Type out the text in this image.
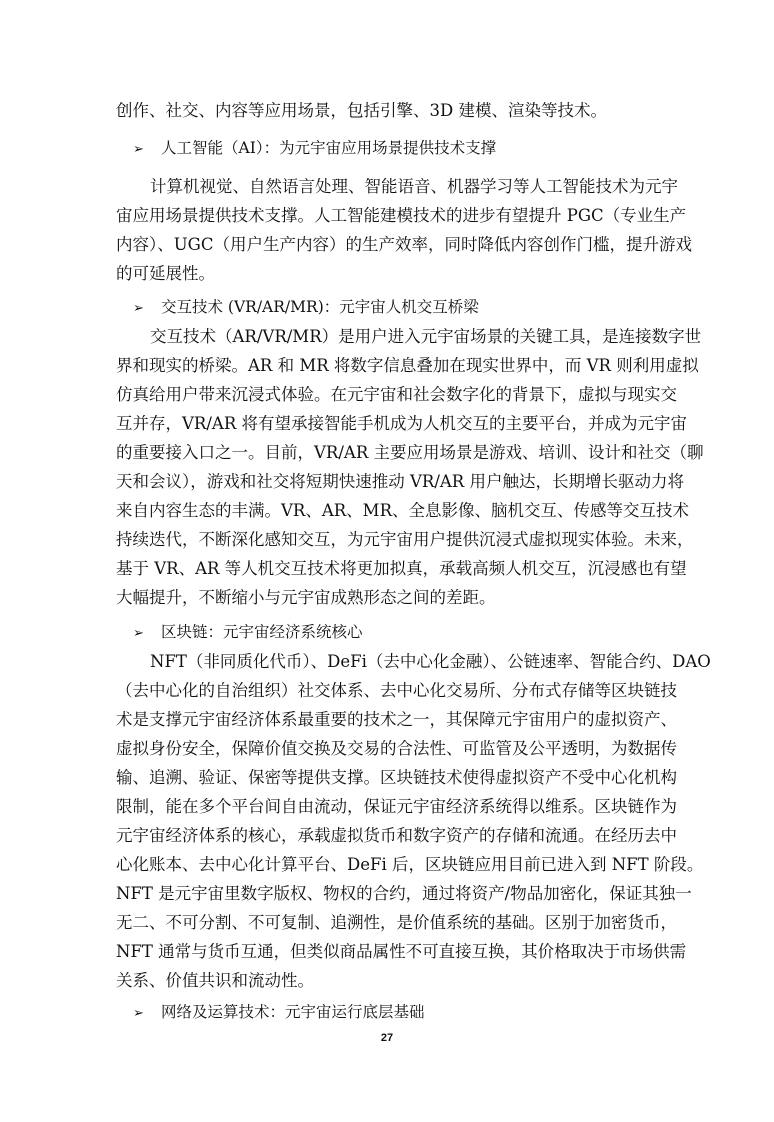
创作、社交、内容等应用场景，包括引擎、3D 建模、渲染等技术。
➢ 人工智能（AI）：为元宇宙应用场景提供技术支撑
计算机视觉、自然语言处理、智能语音、机器学习等人工智能技术为元宇
宙应用场景提供技术支撑。人工智能建模技术的进步有望提升 PGC（专业生产
内容）、UGC（用户生产内容）的生产效率，同时降低内容创作门槛，提升游戏
的可延展性。
➢ 交互技术 (VR/AR/MR)：元宇宙人机交互桥梁
交互技术（AR/VR/MR）是用户进入元宇宙场景的关键工具，是连接数字世
界和现实的桥梁。AR 和 MR 将数字信息叠加在现实世界中，而 VR 则利用虚拟
仿真给用户带来沉浸式体验。在元宇宙和社会数字化的背景下，虚拟与现实交
互并存，VR/AR 将有望承接智能手机成为人机交互的主要平台，并成为元宇宙
的重要接入口之一。目前，VR/AR 主要应用场景是游戏、培训、设计和社交（聊
天和会议），游戏和社交将短期快速推动 VR/AR 用户触达，长期增长驱动力将
来自内容生态的丰满。VR、AR、MR、全息影像、脑机交互、传感等交互技术
持续迭代，不断深化感知交互，为元宇宙用户提供沉浸式虚拟现实体验。未来，
基于 VR、AR 等人机交互技术将更加拟真，承载高频人机交互，沉浸感也有望
大幅提升，不断缩小与元宇宙成熟形态之间的差距。
➢ 区块链：元宇宙经济系统核心
NFT（非同质化代币）、DeFi（去中心化金融）、公链速率、智能合约、DAO
（去中心化的自治组织）社交体系、去中心化交易所、分布式存储等区块链技
术是支撑元宇宙经济体系最重要的技术之一，其保障元宇宙用户的虚拟资产、
虚拟身份安全，保障价值交换及交易的合法性、可监管及公平透明，为数据传
输、追溯、验证、保密等提供支撑。区块链技术使得虚拟资产不受中心化机构
限制，能在多个平台间自由流动，保证元宇宙经济系统得以维系。区块链作为
元宇宙经济体系的核心，承载虚拟货币和数字资产的存储和流通。在经历去中
心化账本、去中心化计算平台、DeFi 后，区块链应用目前已进入到 NFT 阶段。
NFT 是元宇宙里数字版权、物权的合约，通过将资产/物品加密化，保证其独一
无二、不可分割、不可复制、追溯性，是价值系统的基础。区别于加密货币，
NFT 通常与货币互通，但类似商品属性不可直接互换，其价格取决于市场供需
关系、价值共识和流动性。
➢ 网络及运算技术：元宇宙运行底层基础
27
